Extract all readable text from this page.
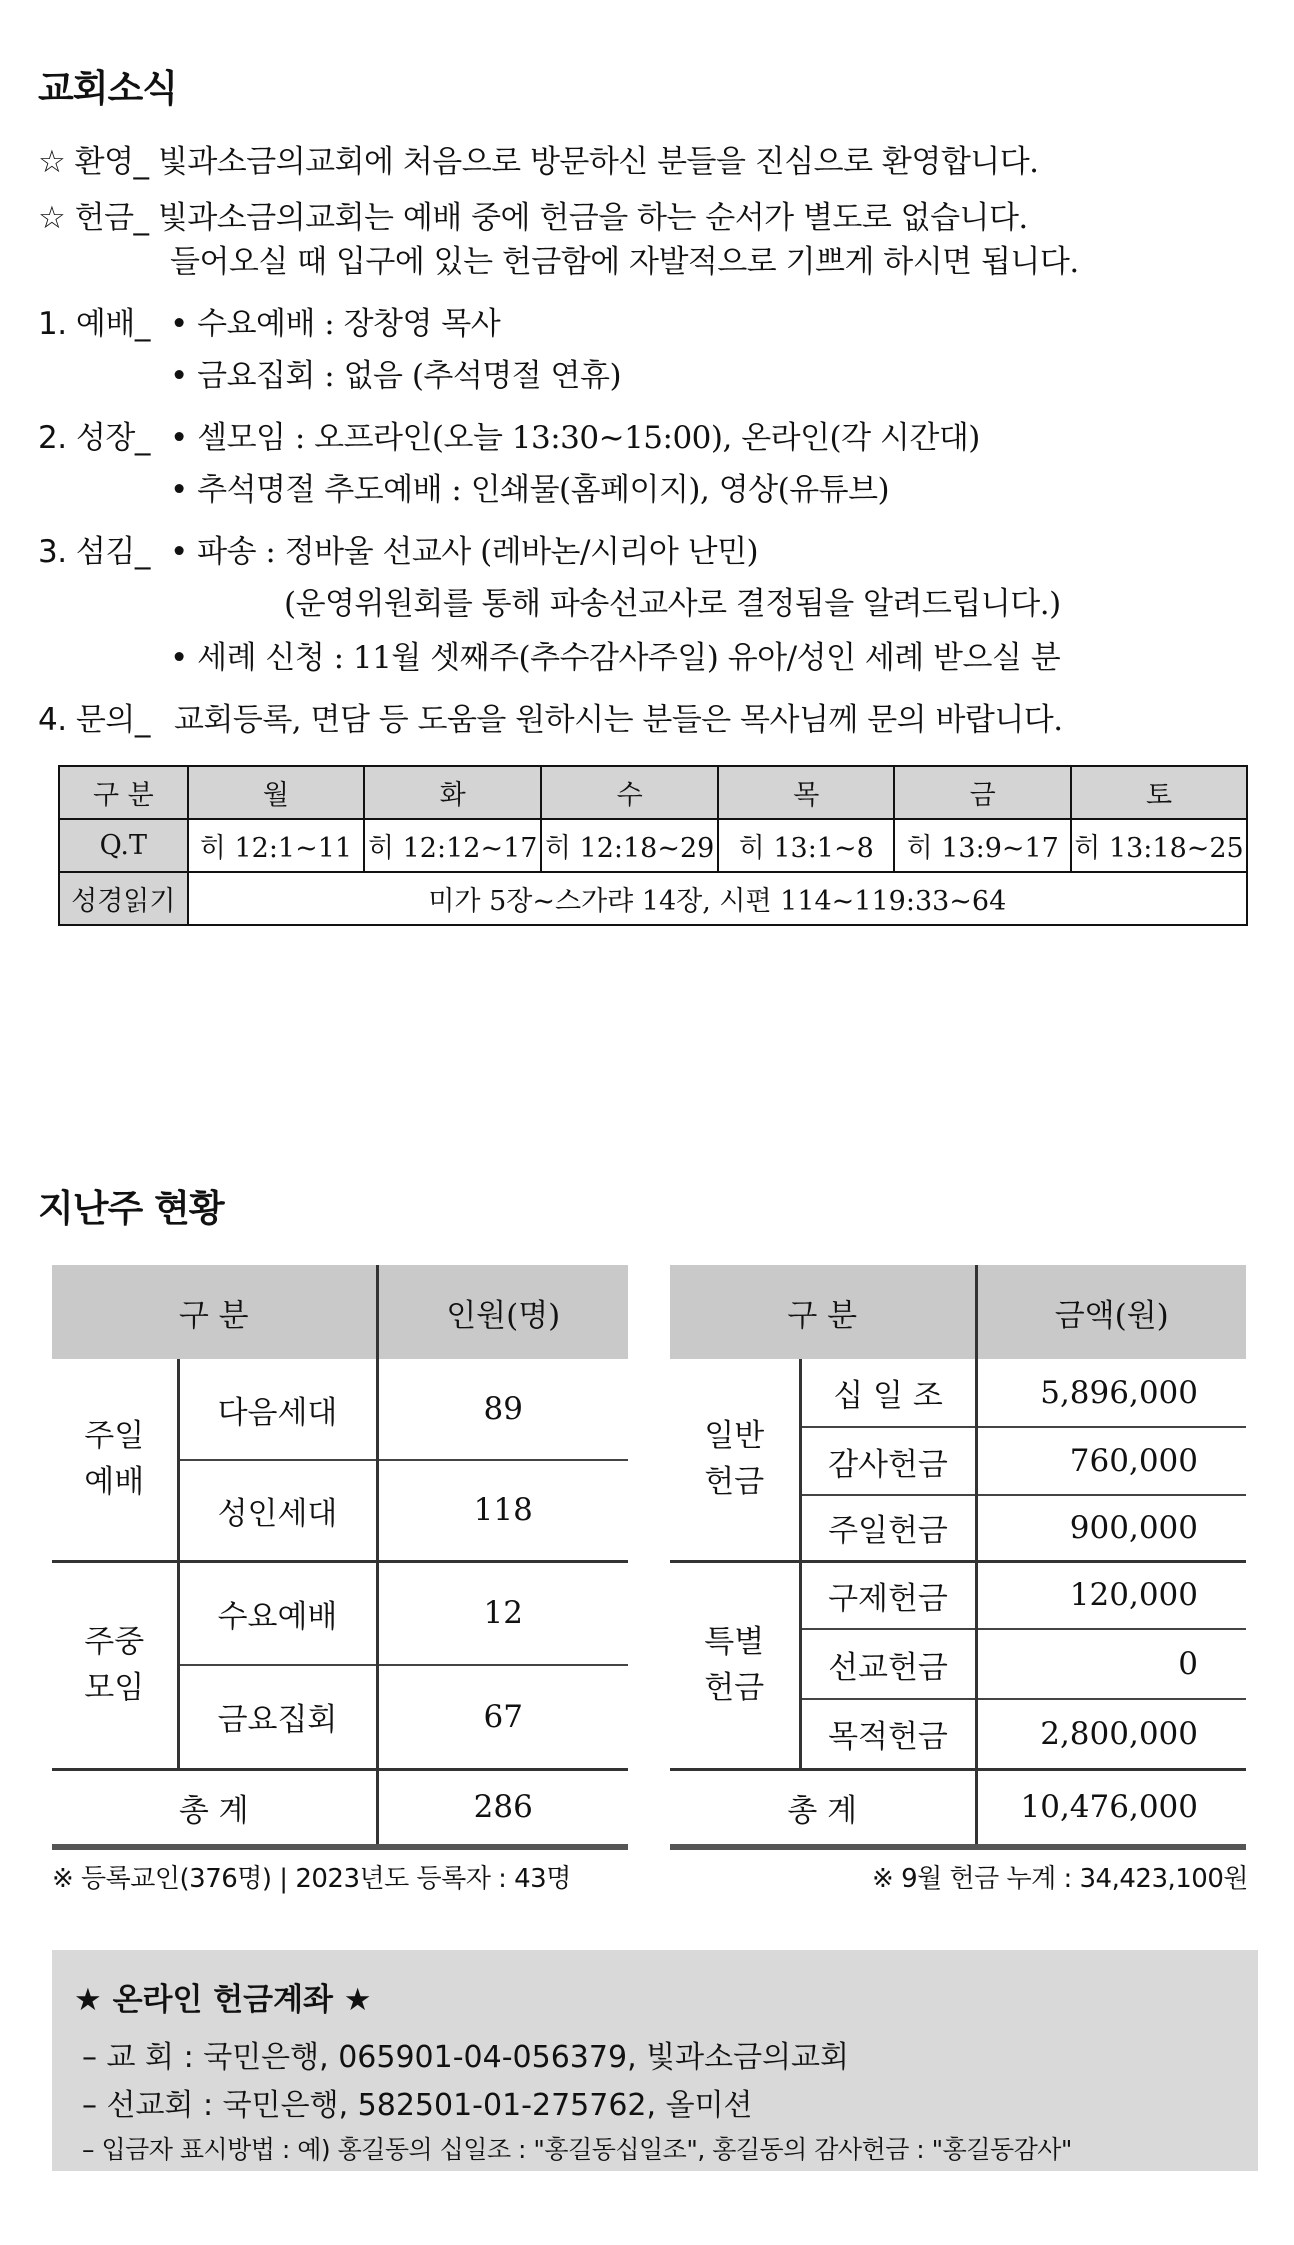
교회소식
☆ 환영_ 빛과소금의교회에 처음으로 방문하신 분들을 진심으로 환영합니다.
☆ 헌금_ 빛과소금의교회는 예배 중에 헌금을 하는 순서가 별도로 없습니다.
들어오실 때 입구에 있는 헌금함에 자발적으로 기쁘게 하시면 됩니다.
1. 예배_ • 수요예배 : 장창영 목사
• 금요집회 : 없음 (추석명절 연휴)
2. 성장_ • 셀모임 : 오프라인(오늘 13:30~15:00), 온라인(각 시간대)
• 추석명절 추도예배 : 인쇄물(홈페이지), 영상(유튜브)
3. 섬김_ • 파송 : 정바울 선교사 (레바논/시리아 난민)
(운영위원회를 통해 파송선교사로 결정됨을 알려드립니다.)
• 세례 신청 : 11월 셋째주(추수감사주일) 유아/성인 세례 받으실 분
4. 문의_ 교회등록, 면담 등 도움을 원하시는 분들은 목사님께 문의 바랍니다.
구 분	월	화	수	목	금	토
Q.T	히 12:1~11	히 12:12~17	히 12:18~29	히 13:1~8	히 13:9~17	히 13:18~25
성경읽기	미가 5장~스가랴 14장, 시편 114~119:33~64					
지난주 현황
구 분		인원(명)

주일
예배	다음세대	89
	성인세대	118

주중
모임	수요예배	12
	금요집회	67
총 계		286
※ 등록교인(376명) | 2023년도 등록자 : 43명
구 분		금액(원)

일반
헌금	십 일 조	5,896,000
	감사헌금	760,000
	주일헌금	900,000

특별
헌금	구제헌금	120,000
	선교헌금	0
	목적헌금	2,800,000
총 계		10,476,000
※ 9월 헌금 누계 : 34,423,100원
★ 온라인 헌금계좌 ★
– 교 회 : 국민은행, 065901-04-056379, 빛과소금의교회
– 선교회 : 국민은행, 582501-01-275762, 올미션
– 입금자 표시방법 : 예) 홍길동의 십일조 : "홍길동십일조", 홍길동의 감사헌금 : "홍길동감사"
